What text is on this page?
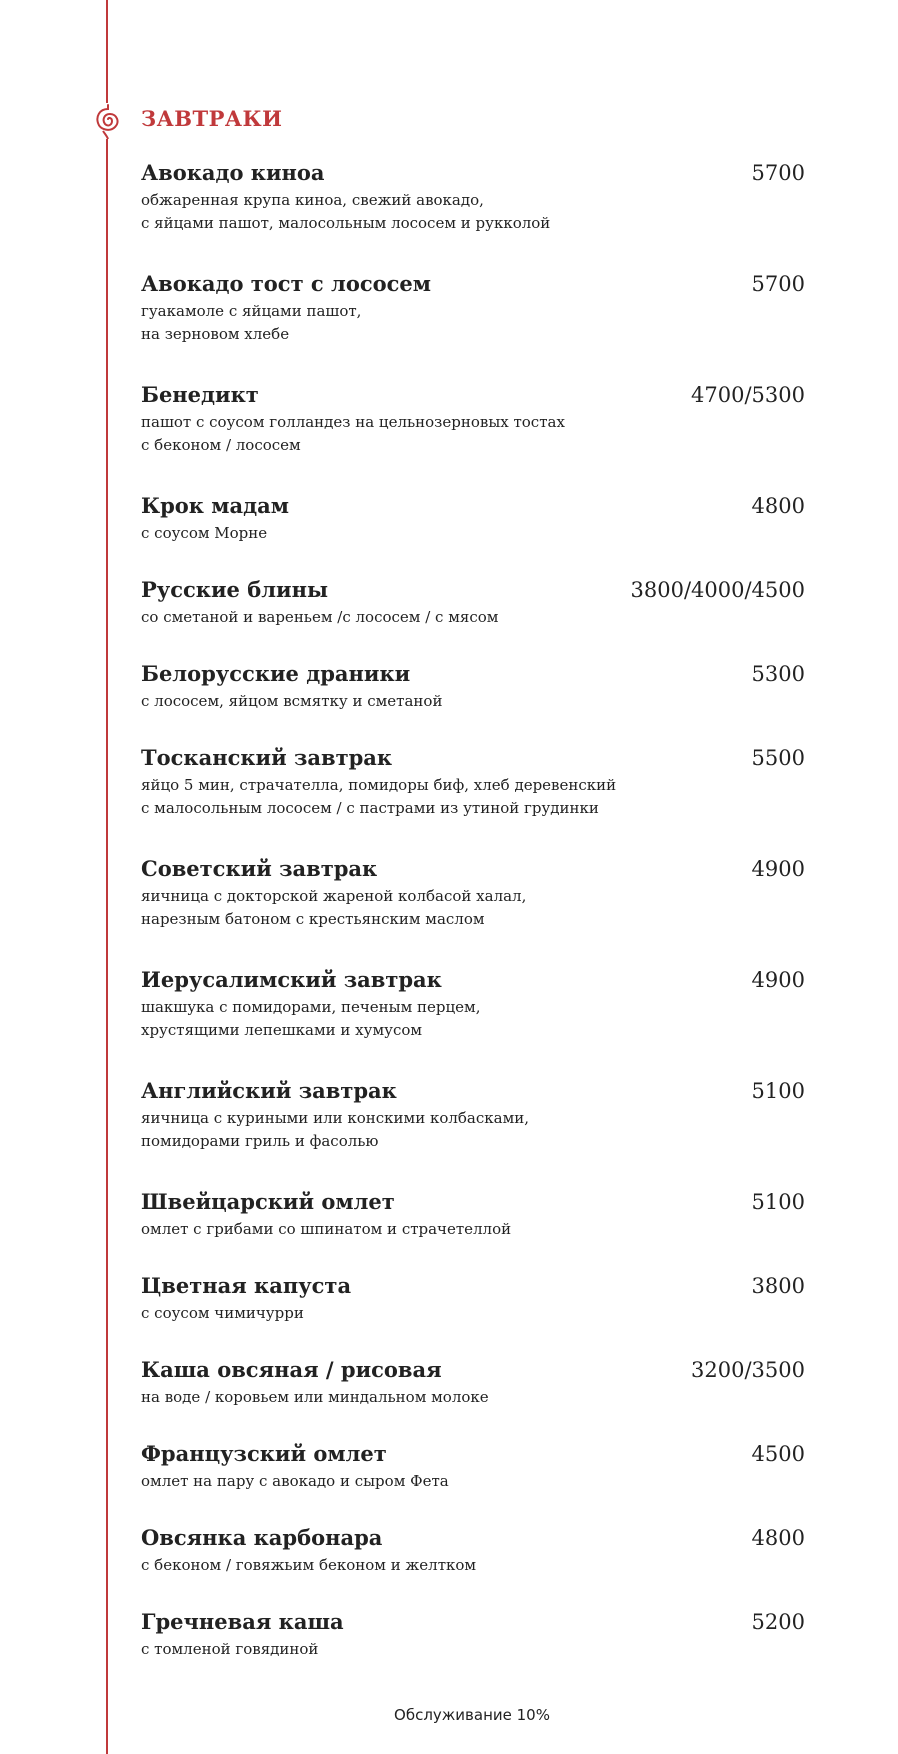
ЗАВТРАКИ
Авокадо киноа	5700
обжаренная крупа киноа, свежий авокадо,
с яйцами пашот, малосольным лососем и рукколой
Авокадо тост с лососем	5700
гуакамоле с яйцами пашот,
на зерновом хлебе
Бенедикт	4700/5300
пашот с соусом голландез на цельнозерновых тостах
с беконом / лососем
Крок мадам	4800
с соусом Морне
Русские блины	3800/4000/4500
со сметаной и вареньем /с лососем / с мясом
Белорусские драники	5300
с лососем, яйцом всмятку и сметаной
Тосканский завтрак	5500
яйцо 5 мин, страчателла, помидоры биф, хлеб деревенский
с малосольным лососем / с пастрами из утиной грудинки
Советский завтрак	4900
яичница с докторской жареной колбасой халал,
нарезным батоном с крестьянским маслом
Иерусалимский завтрак	4900
шакшука с помидорами, печеным перцем,
хрустящими лепешками и хумусом
Английский завтрак	5100
яичница с куриными или конскими колбасками,
помидорами гриль и фасолью
Швейцарский омлет	5100
омлет с грибами со шпинатом и страчетеллой
Цветная капуста	3800
с соусом чимичурри
Каша овсяная / рисовая	3200/3500
на воде / коровьем или миндальном молоке
Французский омлет	4500
омлет на пару с авокадо и сыром Фета
Овсянка карбонара	4800
с беконом / говяжьим беконом и желтком
Гречневая каша	5200
с томленой говядиной
Обслуживание 10%
